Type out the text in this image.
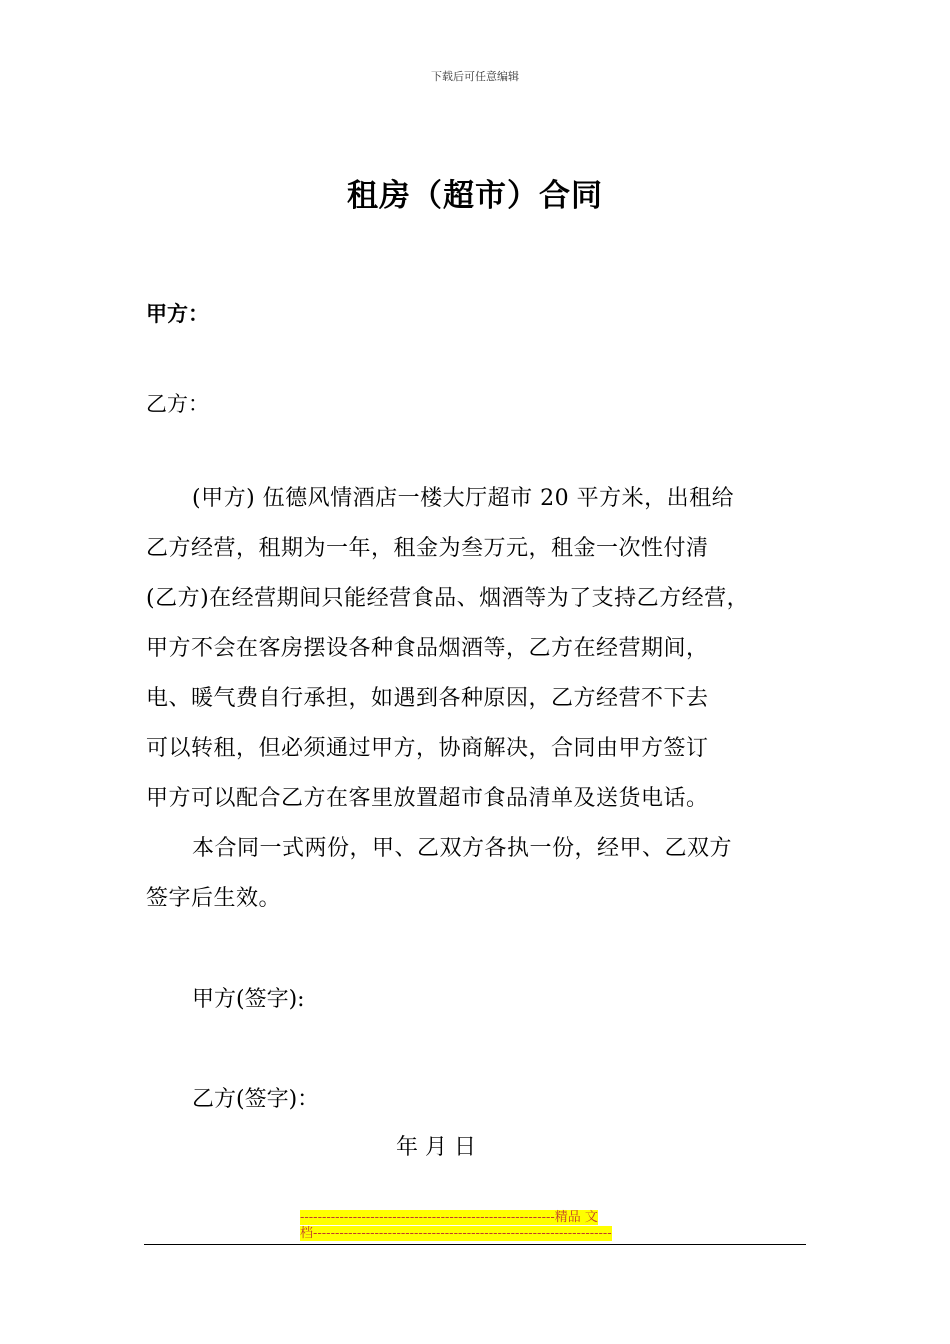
下载后可任意编辑
租房（超市）合同
甲方：
乙方：
(甲方) 伍德风情酒店一楼大厅超市 20 平方米，出租给
乙方经营，租期为一年，租金为叁万元，租金一次性付清
(乙方)在经营期间只能经营食品、烟酒等为了支持乙方经营，
甲方不会在客房摆设各种食品烟酒等，乙方在经营期间，
电、暖气费自行承担，如遇到各种原因，乙方经营不下去
可以转租，但必须通过甲方，协商解决，合同由甲方签订
甲方可以配合乙方在客里放置超市食品清单及送货电话。
本合同一式两份，甲、乙双方各执一份，经甲、乙双方
签字后生效。
甲方(签字):
乙方(签字)：
年 月 日
----------------------------------------------------------精品 文
档--------------------------------------------------------------------
